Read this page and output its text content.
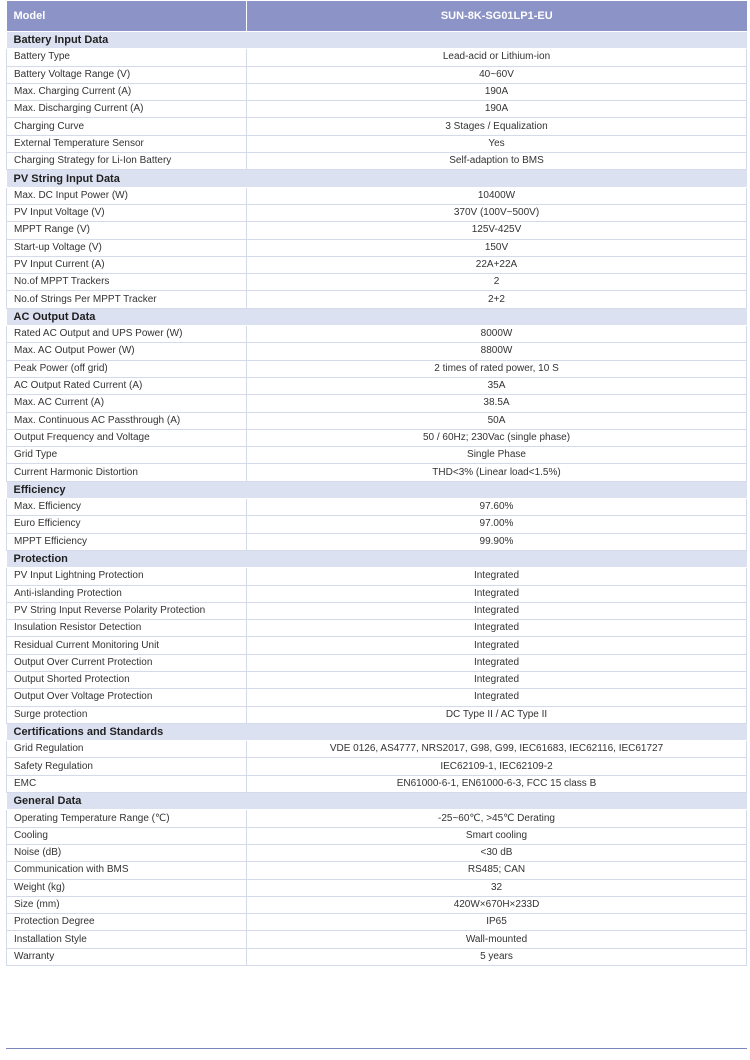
Model	SUN-8K-SG01LP1-EU
Battery Input Data	
Battery Type	Lead-acid or Lithium-ion
Battery Voltage Range (V)	40~60V
Max. Charging Current (A)	190A
Max. Discharging Current (A)	190A
Charging Curve	3 Stages / Equalization
External Temperature Sensor	Yes
Charging Strategy for Li-Ion Battery	Self-adaption to BMS
PV String Input Data	
Max. DC Input Power (W)	10400W
PV Input Voltage (V)	370V (100V~500V)
MPPT Range (V)	125V-425V
Start-up Voltage (V)	150V
PV Input Current (A)	22A+22A
No.of MPPT Trackers	2
No.of Strings Per MPPT Tracker	2+2
AC Output Data	
Rated AC Output and UPS Power (W)	8000W
Max. AC Output Power (W)	8800W
Peak Power (off grid)	2 times of rated power, 10 S
AC Output Rated Current (A)	35A
Max. AC Current (A)	38.5A
Max. Continuous AC Passthrough (A)	50A
Output Frequency and Voltage	50 / 60Hz; 230Vac (single phase)
Grid Type	Single Phase
Current Harmonic Distortion	THD<3% (Linear load<1.5%)
Efficiency	
Max. Efficiency	97.60%
Euro Efficiency	97.00%
MPPT Efficiency	99.90%
Protection	
PV Input Lightning Protection	Integrated
Anti-islanding Protection	Integrated
PV String Input Reverse Polarity Protection	Integrated
Insulation Resistor Detection	Integrated
Residual Current Monitoring Unit	Integrated
Output Over Current Protection	Integrated
Output Shorted Protection	Integrated
Output Over Voltage Protection	Integrated
Surge protection	DC Type II / AC Type II
Certifications and Standards	
Grid Regulation	VDE 0126, AS4777, NRS2017, G98, G99, IEC61683, IEC62116, IEC61727
Safety Regulation	IEC62109-1, IEC62109-2
EMC	EN61000-6-1, EN61000-6-3, FCC 15 class B
General Data	
Operating Temperature Range (℃)	-25~60℃, >45℃ Derating
Cooling	Smart cooling
Noise (dB)	<30 dB
Communication with BMS	RS485; CAN
Weight (kg)	32
Size (mm)	420W×670H×233D
Protection Degree	IP65
Installation Style	Wall-mounted
Warranty	5 years
